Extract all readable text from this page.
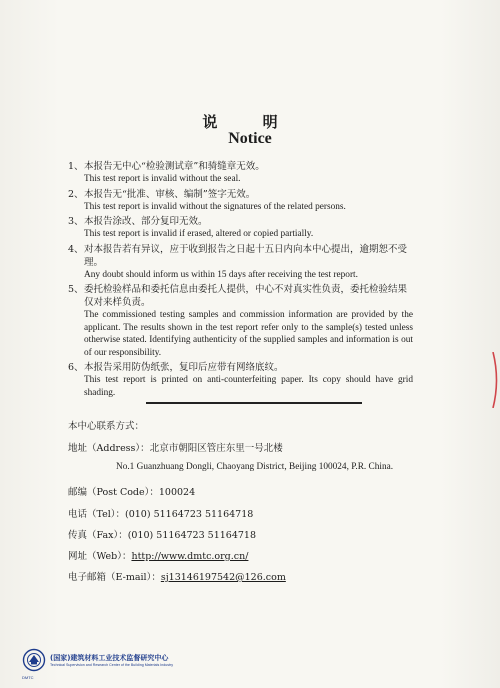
说 明
Notice
1、 本报告无中心“检验测试章”和骑缝章无效。
This test report is invalid without the seal.
2、 本报告无“批准、审核、编制”签字无效。
This test report is invalid without the signatures of the related persons.
3、 本报告涂改、部分复印无效。
This test report is invalid if erased, altered or copied partially.
4、 对本报告若有异议，应于收到报告之日起十五日内向本中心提出，逾期恕不受理。
Any doubt should inform us within 15 days after receiving the test report.
5、 委托检验样品和委托信息由委托人提供，中心不对真实性负责，委托检验结果仅对来样负责。
The commissioned testing samples and commission information are provided by the applicant. The results shown in the test report refer only to the sample(s) tested unless otherwise stated. Identifying authenticity of the supplied samples and information is out of our responsibility.
6、 本报告采用防伪纸张，复印后应带有网络底纹。
This test report is printed on anti-counterfeiting paper. Its copy should have grid shading.
本中心联系方式：
地址（Address）：北京市朝阳区管庄东里一号北楼
No.1 Guanzhuang Dongli, Chaoyang District, Beijing 100024, P.R. China.
邮编（Post Code）：100024
电话（Tel）：(010) 51164723 51164718
传真（Fax）：(010) 51164723 51164718
网址（Web）：http://www.dmtc.org.cn/
电子邮箱（E-mail）：sj13146197542@126.com
(国家)建筑材料工业技术监督研究中心
Technical Supervision and Research Center of the Building Materials Industry
DMTC
